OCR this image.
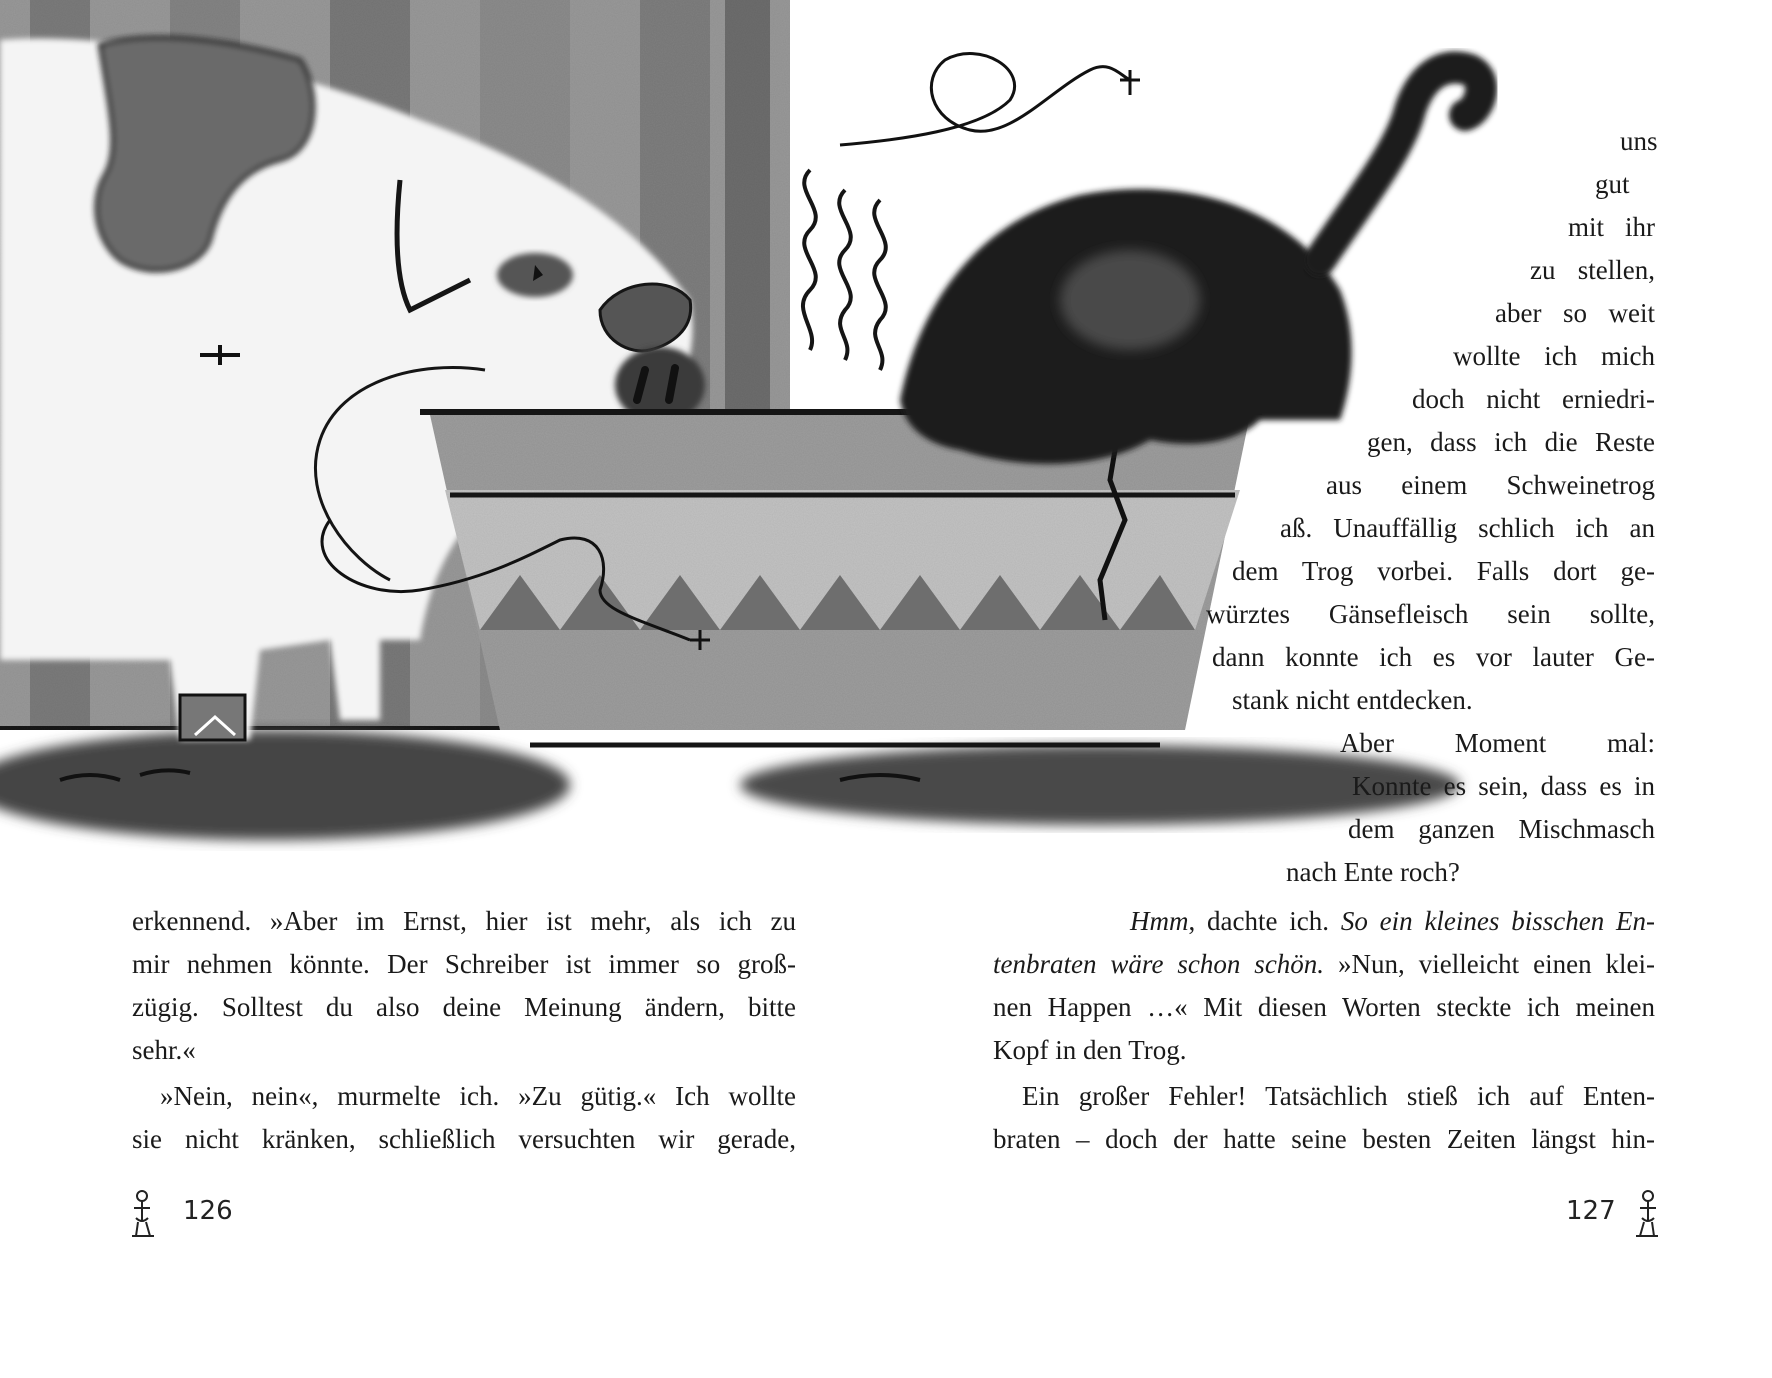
uns
gut
mit ihr
zu stellen,
aber so weit
wollte ich mich
doch nicht erniedri-
gen, dass ich die Reste
aus einem Schweinetrog
aß. Unauffällig schlich ich an
dem Trog vorbei. Falls dort ge-
würztes Gänsefleisch sein sollte,
dann konnte ich es vor lauter Ge-
stank nicht entdecken.
Aber Moment mal:
Konnte es sein, dass es in
dem ganzen Mischmasch
nach Ente roch?
erkennend. »Aber im Ernst, hier ist mehr, als ich zu
mir nehmen könnte. Der Schreiber ist immer so groß-
zügig. Solltest du also deine Meinung ändern, bitte
sehr.«
»Nein, nein«, murmelte ich. »Zu gütig.« Ich wollte
sie nicht kränken, schließlich versuchten wir gerade,
Hmm, dachte ich. So ein kleines bisschen En-
tenbraten wäre schon schön. »Nun, vielleicht einen klei-
nen Happen …« Mit diesen Worten steckte ich meinen
Kopf in den Trog.
Ein großer Fehler! Tatsächlich stieß ich auf Enten-
braten – doch der hatte seine besten Zeiten längst hin-
126	127
